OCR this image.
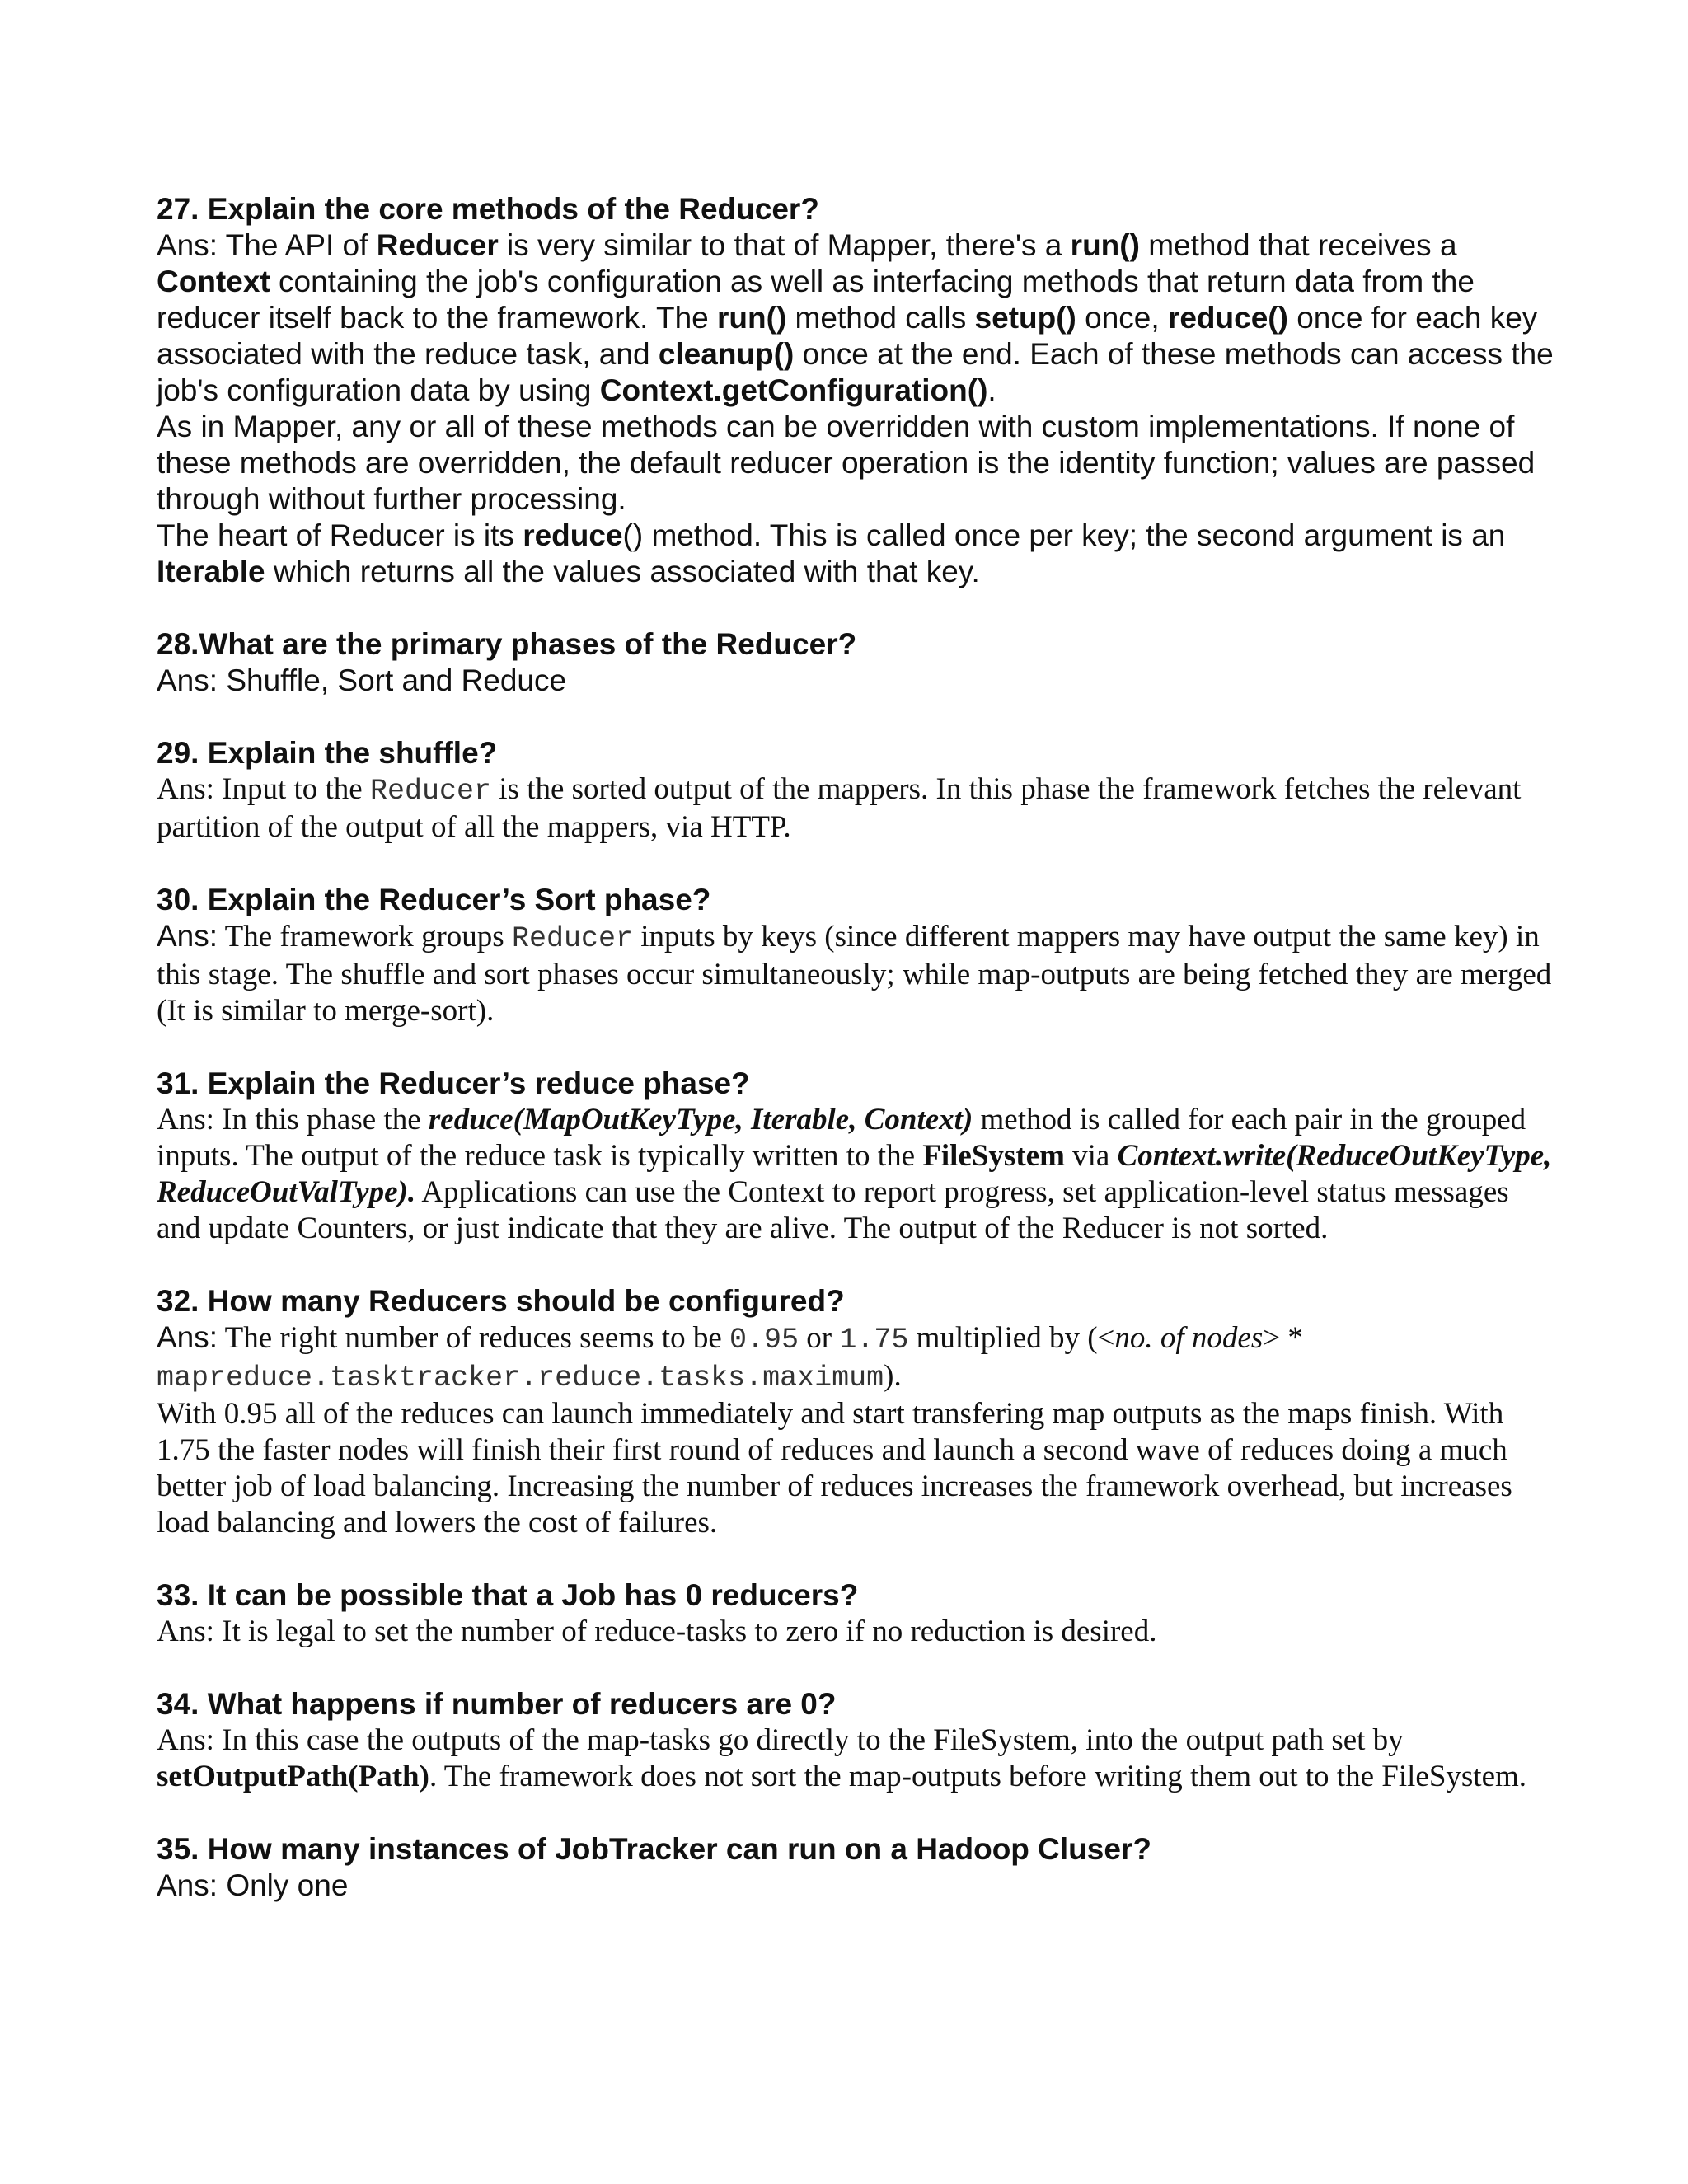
27. Explain the core methods of the Reducer?

Ans: The API of Reducer is very similar to that of Mapper, there's a run() method that receives a Context containing the job's configuration as well as interfacing methods that return data from the reducer itself back to the framework. The run() method calls setup() once, reduce() once for each key associated with the reduce task, and cleanup() once at the end. Each of these methods can access the job's configuration data by using Context.getConfiguration().

As in Mapper, any or all of these methods can be overridden with custom implementations. If none of these methods are overridden, the default reducer operation is the identity function; values are passed through without further processing.

The heart of Reducer is its reduce() method. This is called once per key; the second argument is an Iterable which returns all the values associated with that key.

28.What are the primary phases of the Reducer?

Ans: Shuffle, Sort and Reduce

29. Explain the shuffle?

Ans: Input to the Reducer is the sorted output of the mappers. In this phase the framework fetches the relevant partition of the output of all the mappers, via HTTP.

30. Explain the Reducer’s Sort phase?

Ans: The framework groups Reducer inputs by keys (since different mappers may have output the same key) in this stage. The shuffle and sort phases occur simultaneously; while map-outputs are being fetched they are merged (It is similar to merge-sort).

31. Explain the Reducer’s reduce phase?

Ans: In this phase the reduce(MapOutKeyType, Iterable, Context) method is called for each pair in the grouped inputs. The output of the reduce task is typically written to the FileSystem via Context.write(ReduceOutKeyType, ReduceOutValType). Applications can use the Context to report progress, set application-level status messages and update Counters, or just indicate that they are alive. The output of the Reducer is not sorted.

32. How many Reducers should be configured?

Ans: The right number of reduces seems to be 0.95 or 1.75 multiplied by (<no. of nodes> * mapreduce.tasktracker.reduce.tasks.maximum).

With 0.95 all of the reduces can launch immediately and start transfering map outputs as the maps finish. With 1.75 the faster nodes will finish their first round of reduces and launch a second wave of reduces doing a much better job of load balancing. Increasing the number of reduces increases the framework overhead, but increases load balancing and lowers the cost of failures.

33. It can be possible that a Job has 0 reducers?

Ans: It is legal to set the number of reduce-tasks to zero if no reduction is desired.

34. What happens if number of reducers are 0?

Ans: In this case the outputs of the map-tasks go directly to the FileSystem, into the output path set by setOutputPath(Path). The framework does not sort the map-outputs before writing them out to the FileSystem.

35. How many instances of JobTracker can run on a Hadoop Cluser?

Ans: Only one
